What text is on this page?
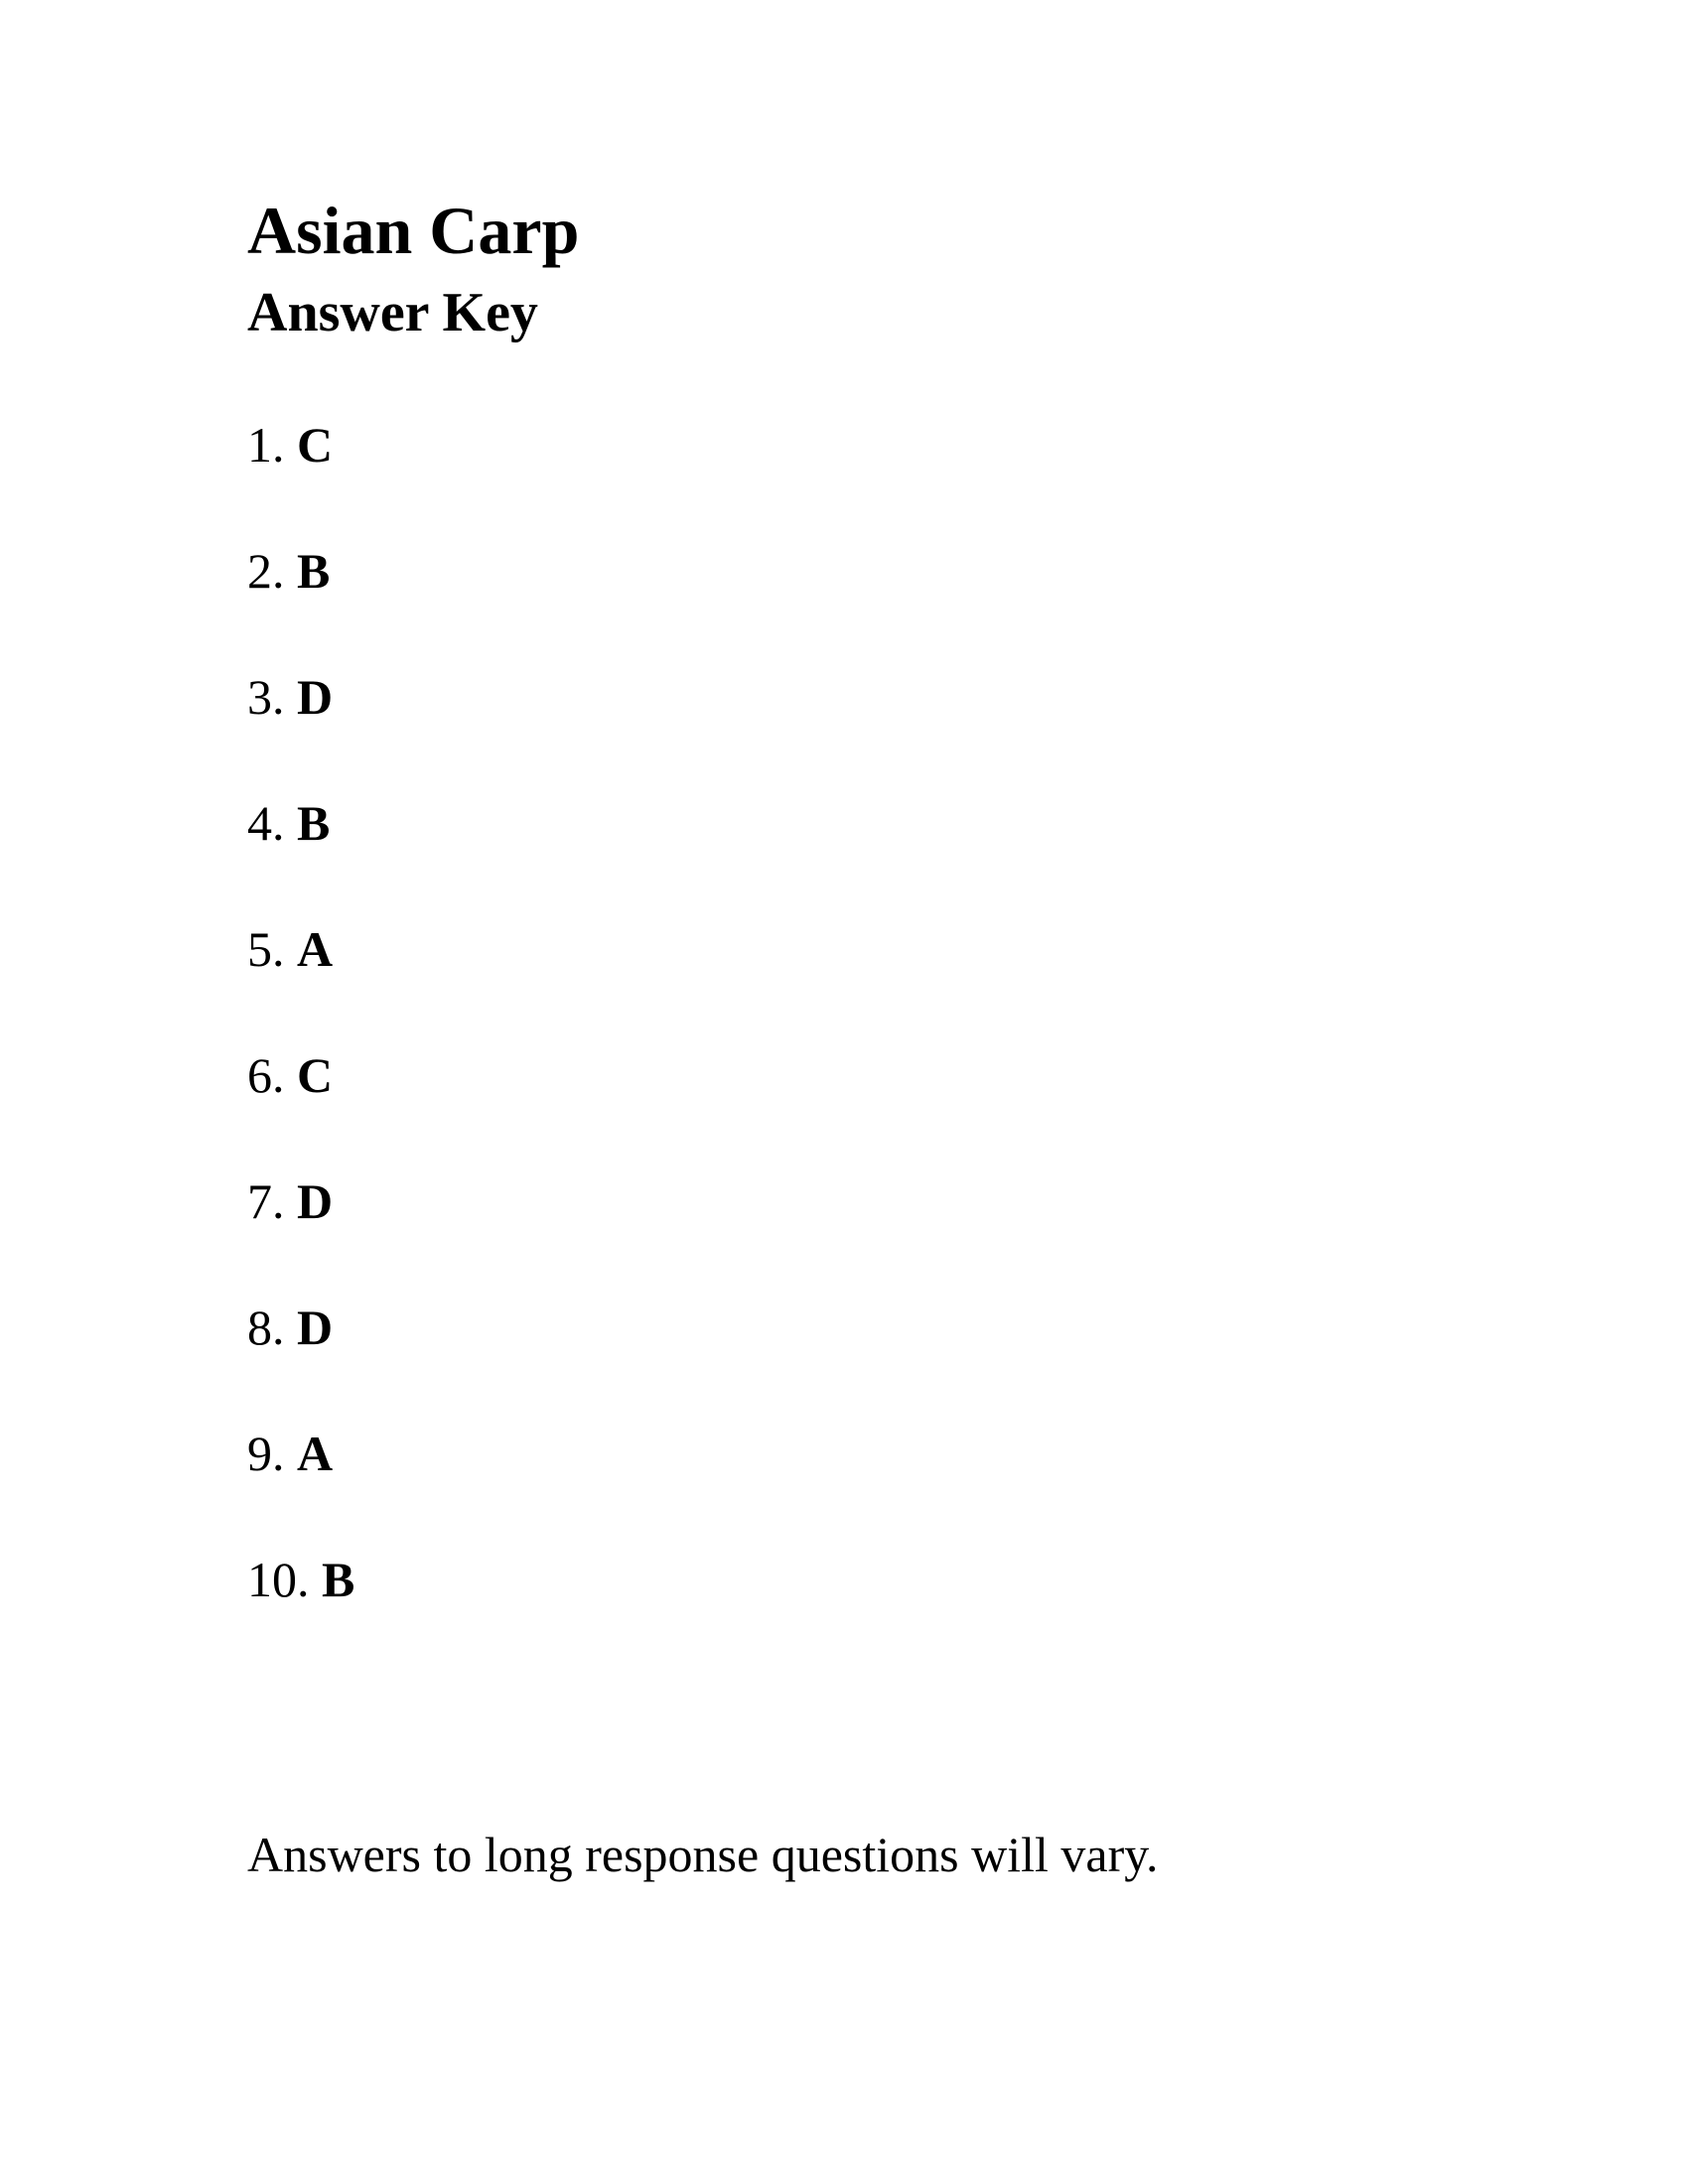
Asian Carp
Answer Key
1. C
2. B
3. D
4. B
5. A
6. C
7. D
8. D
9. A
10. B

Answers to long response questions will vary.
